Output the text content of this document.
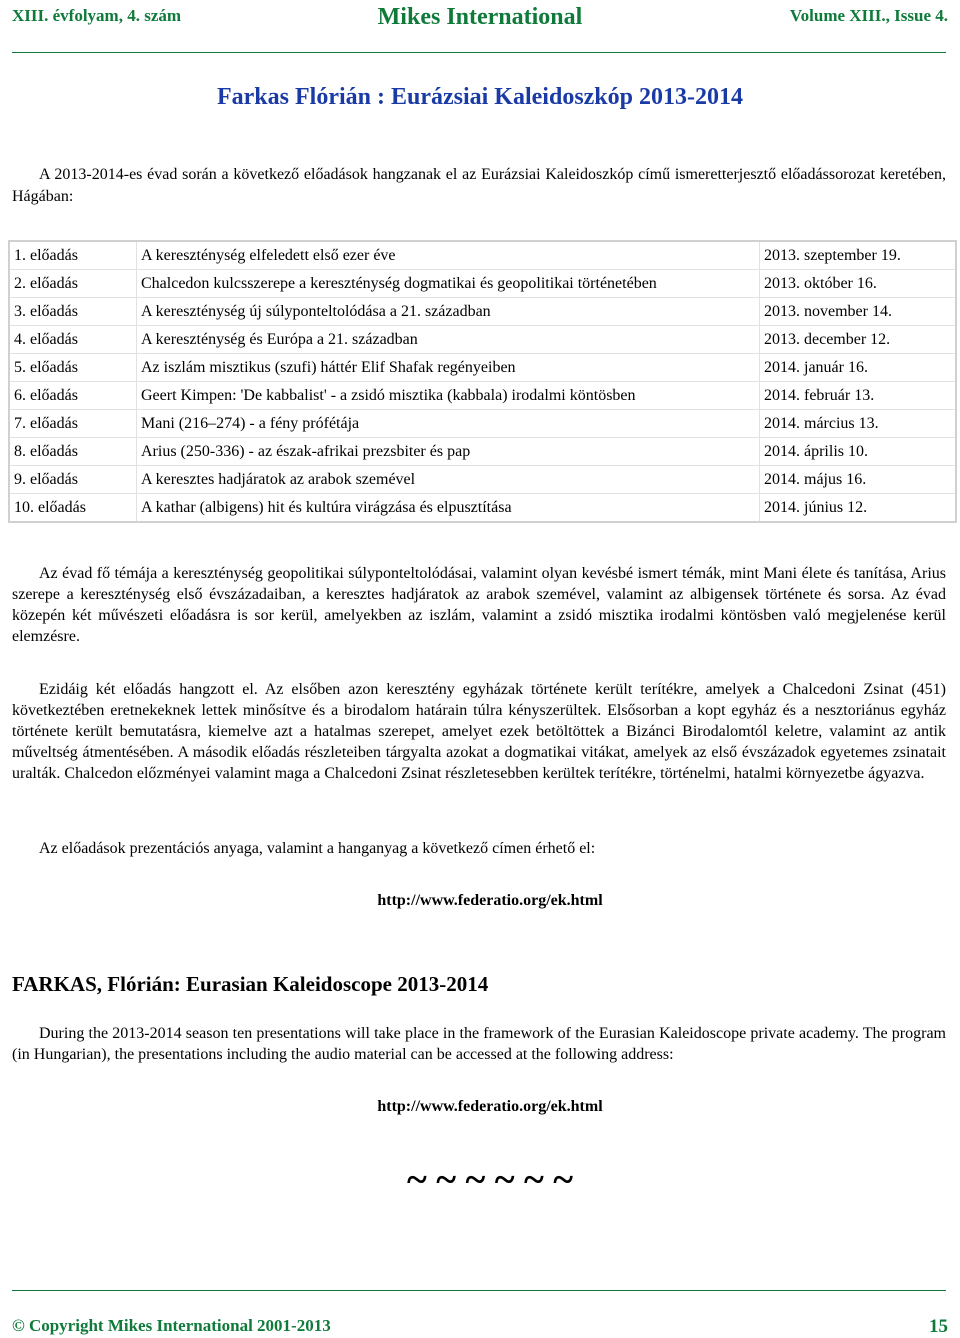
XIII. évfolyam, 4. szám	Mikes International	Volume XIII., Issue 4.
Farkas Flórián : Eurázsiai Kaleidoszkóp 2013-2014
A 2013-2014-es évad során a következő előadások hangzanak el az Eurázsiai Kaleidoszkóp című ismeretterjesztő előadássorozat keretében, Hágában:
1. előadás	A kereszténység elfeledett első ezer éve	2013. szeptember 19.
2. előadás	Chalcedon kulcsszerepe a kereszténység dogmatikai és geopolitikai történetében	2013. október 16.
3. előadás	A kereszténység új súlyponteltolódása a 21. században	2013. november 14.
4. előadás	A kereszténység és Európa a 21. században	2013. december 12.
5. előadás	Az iszlám misztikus (szufi) háttér Elif Shafak regényeiben	2014. január 16.
6. előadás	Geert Kimpen: 'De kabbalist' - a zsidó misztika (kabbala) irodalmi köntösben	2014. február 13.
7. előadás	Mani (216–274) - a fény prófétája	2014. március 13.
8. előadás	Arius (250-336) - az észak-afrikai prezsbiter és pap	2014. április 10.
9. előadás	A keresztes hadjáratok az arabok szemével	2014. május 16.
10. előadás	A kathar (albigens) hit és kultúra virágzása és elpusztítása	2014. június 12.
Az évad fő témája a kereszténység geopolitikai súlyponteltolódásai, valamint olyan kevésbé ismert témák, mint Mani élete és tanítása, Arius szerepe a kereszténység első évszázadaiban, a keresztes hadjáratok az arabok szemével, valamint az albigensek története és sorsa. Az évad közepén két művészeti előadásra is sor kerül, amelyekben az iszlám, valamint a zsidó misztika irodalmi köntösben való megjelenése kerül elemzésre.
Ezidáig két előadás hangzott el. Az elsőben azon keresztény egyházak története került terítékre, amelyek a Chalcedoni Zsinat (451) következtében eretnekeknek lettek minősítve és a birodalom határain túlra kényszerültek. Elsősorban a kopt egyház és a nesztoriánus egyház története került bemutatásra, kiemelve azt a hatalmas szerepet, amelyet ezek betöltöttek a Bizánci Birodalomtól keletre, valamint az antik műveltség átmentésében. A második előadás részleteiben tárgyalta azokat a dogmatikai vitákat, amelyek az első évszázadok egyetemes zsinatait uralták. Chalcedon előzményei valamint maga a Chalcedoni Zsinat részletesebben kerültek terítékre, történelmi, hatalmi környezetbe ágyazva.
Az előadások prezentációs anyaga, valamint a hanganyag a következő címen érhető el:
http://www.federatio.org/ek.html
FARKAS, Flórián: Eurasian Kaleidoscope 2013-2014
During the 2013-2014 season ten presentations will take place in the framework of the Eurasian Kaleidoscope private academy. The program (in Hungarian), the presentations including the audio material can be accessed at the following address:
http://www.federatio.org/ek.html
~ ~ ~ ~ ~ ~
© Copyright Mikes International 2001-2013	15
